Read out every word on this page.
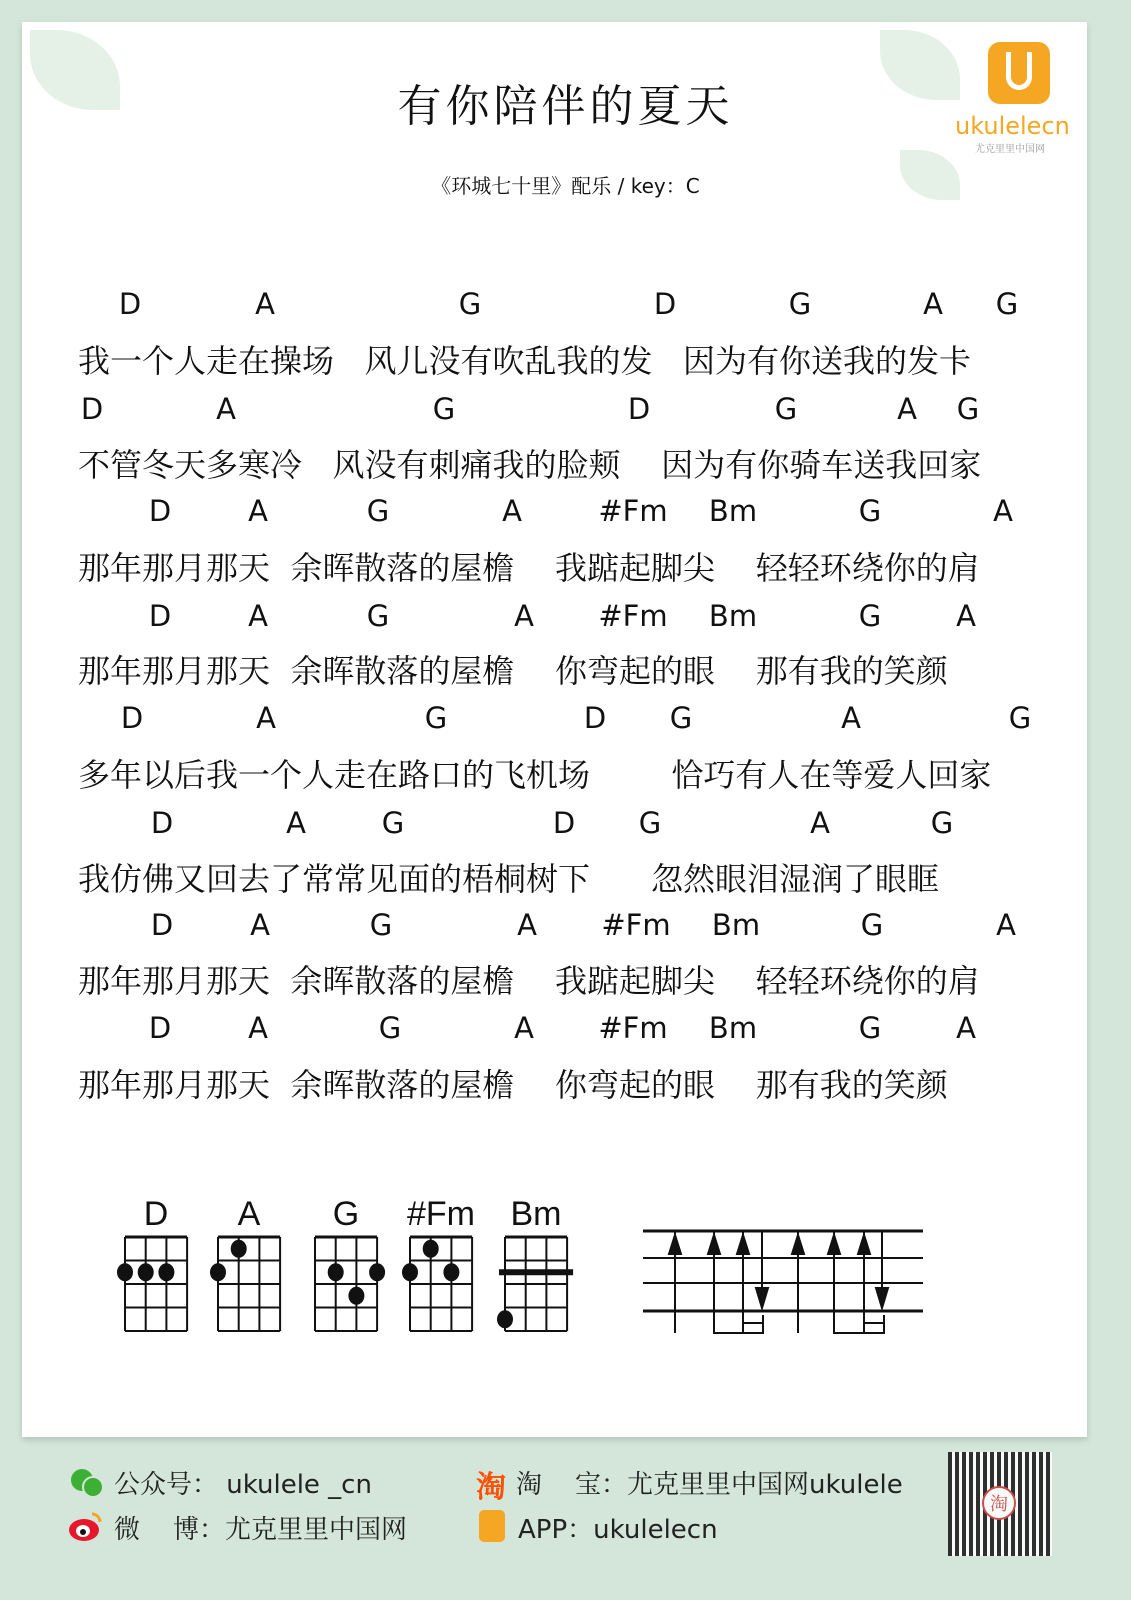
有你陪伴的夏天
《环城七十里》配乐 / key：C
ukulelecn
尤克里里中国网
D	A	G	D	G	A G
我一个人走在操场   风儿没有吹乱我的发   因为有你送我的发卡
D	A	G	D	G	A G
不管冬天多寒冷   风没有刺痛我的脸颊    因为有你骑车送我回家
D	A	G	A	#Fm Bm	G	A
那年那月那天  余晖散落的屋檐    我踮起脚尖    轻轻环绕你的肩
D	A	G	A #Fm Bm	G	A
那年那月那天  余晖散落的屋檐    你弯起的眼    那有我的笑颜
D	A	G	D G	A	G
多年以后我一个人走在路口的飞机场        恰巧有人在等爱人回家
D	A	G	D G	A	G
我仿佛又回去了常常见面的梧桐树下      忽然眼泪湿润了眼眶
D	A	G	A #Fm Bm	G	A
那年那月那天  余晖散落的屋檐    我踮起脚尖    轻轻环绕你的肩
D	A	G	A #Fm Bm	G	A
那年那月那天  余晖散落的屋檐    你弯起的眼    那有我的笑颜
D A G #Fm Bm
公众号： ukulele _cn
微    博：尤克里里中国网
淘 淘    宝：尤克里里中国网ukulele
APP：ukulelecn
淘
